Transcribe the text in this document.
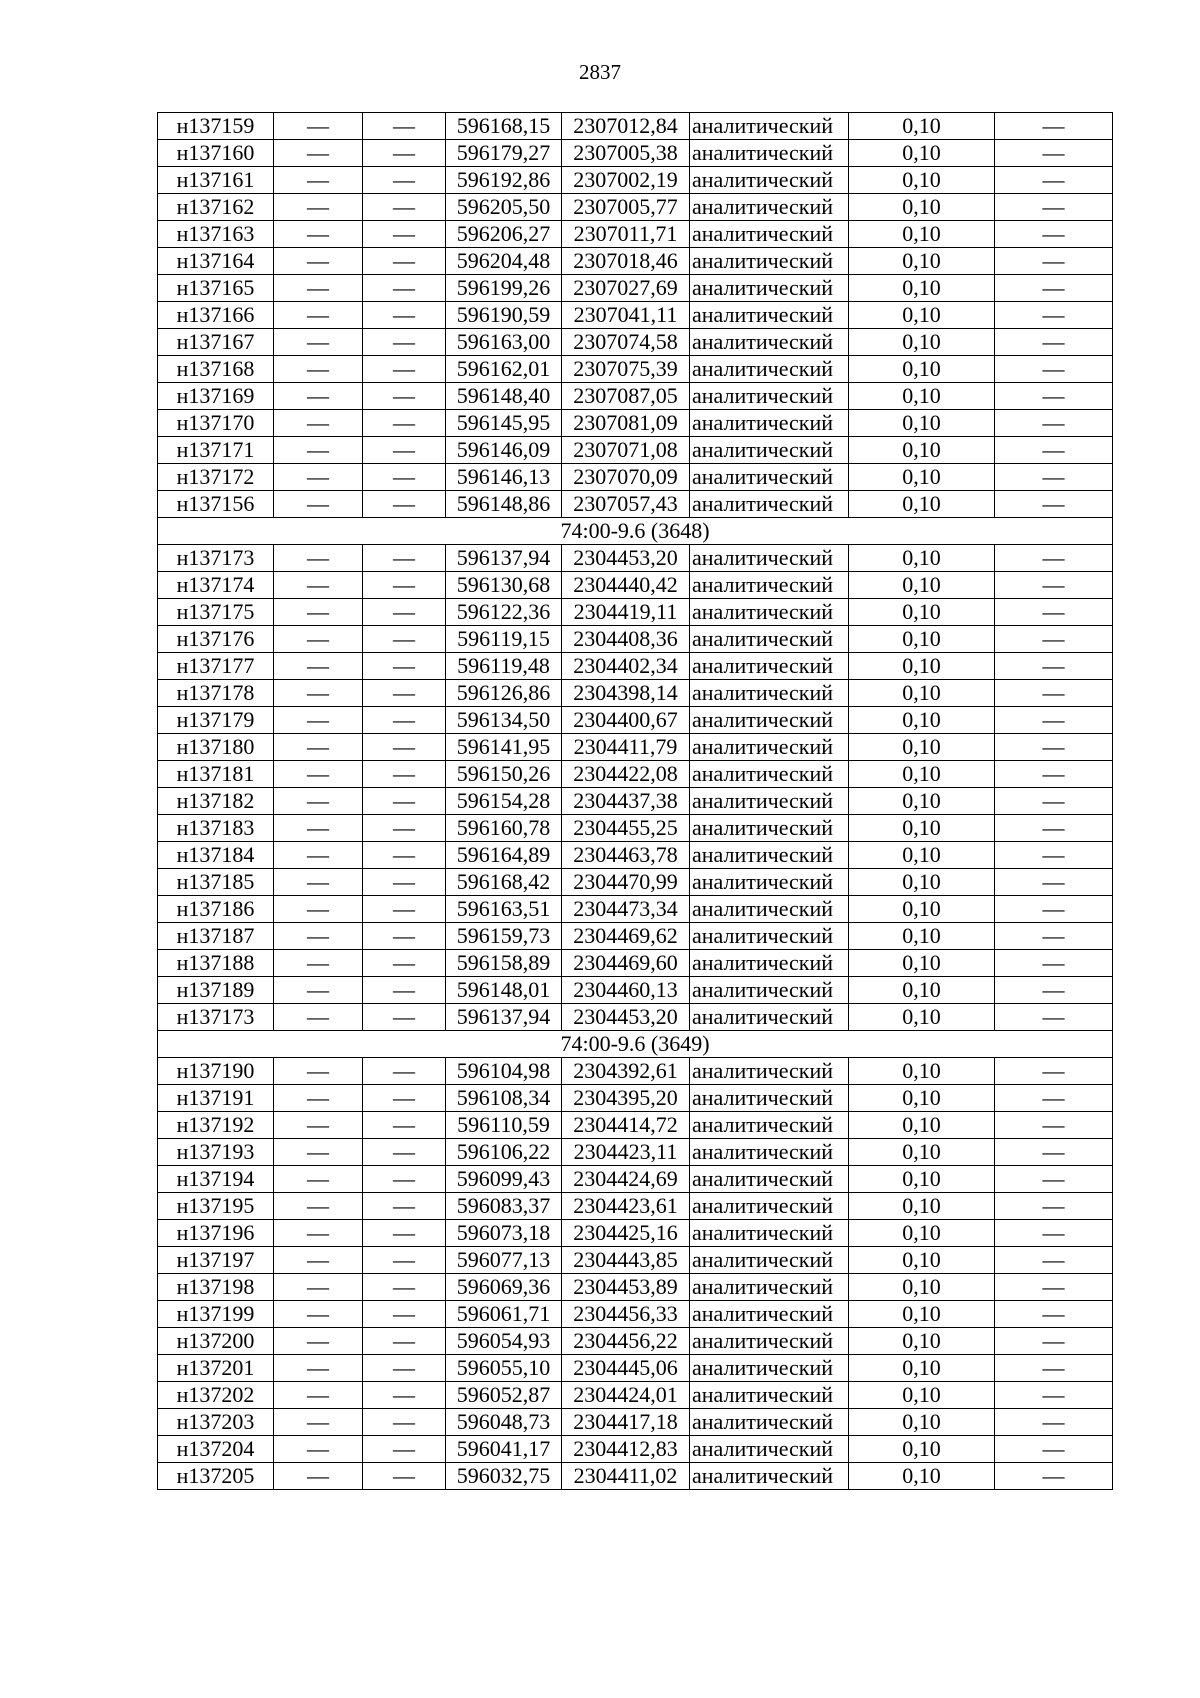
2837
н137159	—	—	596168,15	2307012,84	аналитический	0,10	—
н137160	—	—	596179,27	2307005,38	аналитический	0,10	—
н137161	—	—	596192,86	2307002,19	аналитический	0,10	—
н137162	—	—	596205,50	2307005,77	аналитический	0,10	—
н137163	—	—	596206,27	2307011,71	аналитический	0,10	—
н137164	—	—	596204,48	2307018,46	аналитический	0,10	—
н137165	—	—	596199,26	2307027,69	аналитический	0,10	—
н137166	—	—	596190,59	2307041,11	аналитический	0,10	—
н137167	—	—	596163,00	2307074,58	аналитический	0,10	—
н137168	—	—	596162,01	2307075,39	аналитический	0,10	—
н137169	—	—	596148,40	2307087,05	аналитический	0,10	—
н137170	—	—	596145,95	2307081,09	аналитический	0,10	—
н137171	—	—	596146,09	2307071,08	аналитический	0,10	—
н137172	—	—	596146,13	2307070,09	аналитический	0,10	—
н137156	—	—	596148,86	2307057,43	аналитический	0,10	—
74:00-9.6 (3648)							
н137173	—	—	596137,94	2304453,20	аналитический	0,10	—
н137174	—	—	596130,68	2304440,42	аналитический	0,10	—
н137175	—	—	596122,36	2304419,11	аналитический	0,10	—
н137176	—	—	596119,15	2304408,36	аналитический	0,10	—
н137177	—	—	596119,48	2304402,34	аналитический	0,10	—
н137178	—	—	596126,86	2304398,14	аналитический	0,10	—
н137179	—	—	596134,50	2304400,67	аналитический	0,10	—
н137180	—	—	596141,95	2304411,79	аналитический	0,10	—
н137181	—	—	596150,26	2304422,08	аналитический	0,10	—
н137182	—	—	596154,28	2304437,38	аналитический	0,10	—
н137183	—	—	596160,78	2304455,25	аналитический	0,10	—
н137184	—	—	596164,89	2304463,78	аналитический	0,10	—
н137185	—	—	596168,42	2304470,99	аналитический	0,10	—
н137186	—	—	596163,51	2304473,34	аналитический	0,10	—
н137187	—	—	596159,73	2304469,62	аналитический	0,10	—
н137188	—	—	596158,89	2304469,60	аналитический	0,10	—
н137189	—	—	596148,01	2304460,13	аналитический	0,10	—
н137173	—	—	596137,94	2304453,20	аналитический	0,10	—
74:00-9.6 (3649)							
н137190	—	—	596104,98	2304392,61	аналитический	0,10	—
н137191	—	—	596108,34	2304395,20	аналитический	0,10	—
н137192	—	—	596110,59	2304414,72	аналитический	0,10	—
н137193	—	—	596106,22	2304423,11	аналитический	0,10	—
н137194	—	—	596099,43	2304424,69	аналитический	0,10	—
н137195	—	—	596083,37	2304423,61	аналитический	0,10	—
н137196	—	—	596073,18	2304425,16	аналитический	0,10	—
н137197	—	—	596077,13	2304443,85	аналитический	0,10	—
н137198	—	—	596069,36	2304453,89	аналитический	0,10	—
н137199	—	—	596061,71	2304456,33	аналитический	0,10	—
н137200	—	—	596054,93	2304456,22	аналитический	0,10	—
н137201	—	—	596055,10	2304445,06	аналитический	0,10	—
н137202	—	—	596052,87	2304424,01	аналитический	0,10	—
н137203	—	—	596048,73	2304417,18	аналитический	0,10	—
н137204	—	—	596041,17	2304412,83	аналитический	0,10	—
н137205	—	—	596032,75	2304411,02	аналитический	0,10	—
